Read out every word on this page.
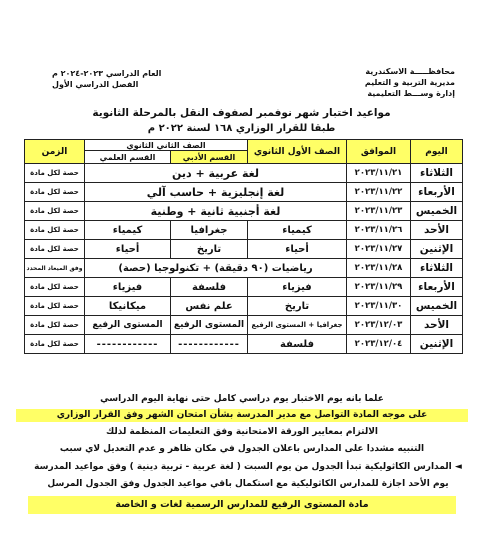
محافظـــــة الاسكندرية
مديرية التربية و التعليم
إدارة وســـط التعليمية
العام الدراسي ٢٠٢٣-٢٠٢٤ م
الفصل الدراسي الأول
مواعيد اختبار شهر نوفمبر لصفوف النقل بالمرحلة الثانوية
طبقا للقرار الوزاري ١٦٨ لسنة ٢٠٢٢ م
اليوم	الموافق	الصف الأول الثانوي	الصف الثاني الثانوي		الزمن
			القسم الأدبي	القسم العلمي	
الثلاثاء	٢٠٢٣/١١/٢١	لغة عربية + دين			حصة لكل مادة
الأربعاء	٢٠٢٣/١١/٢٢	لغة إنجليزية + حاسب آلي			حصة لكل مادة
الخميس	٢٠٢٣/١١/٢٣	لغة أجنبية ثانية + وطنية			حصة لكل مادة
الأحد	٢٠٢٣/١١/٢٦	كيمياء	جغرافيا	كيمياء	حصة لكل مادة
الإثنين	٢٠٢٣/١١/٢٧	أحياء	تاريخ	أحياء	حصة لكل مادة
الثلاثاء	٢٠٢٣/١١/٢٨	رياضيات (٩٠ دقيقة) + تكنولوجيا (حصة)			وفق الميعاد المحدد
الأربعاء	٢٠٢٣/١١/٢٩	فيزياء	فلسفة	فيزياء	حصة لكل مادة
الخميس	٢٠٢٣/١١/٣٠	تاريخ	علم نفس	ميكانيكا	حصة لكل مادة
الأحد	٢٠٢٣/١٢/٠٣	جغرافيا + المستوى الرفيع	المستوى الرفيع	المستوى الرفيع	حصة لكل مادة
الإثنين	٢٠٢٣/١٢/٠٤	فلسفة	------------	------------	حصة لكل مادة
علما بانه يوم الاختبار يوم دراسي كامل حتى نهاية اليوم الدراسي
على موجه المادة التواصل مع مدير المدرسة بشأن امتحان الشهر وفق القرار الوزاري
الالتزام بمعايير الورقة الامتحانية وفق التعليمات المنظمة لذلك
التنبيه مشددا على المدارس باعلان الجدول في مكان ظاهر و عدم التعديل لاي سبب
◄ المدارس الكاثوليكية تبدأ الجدول من يوم السبت ( لغة عربية - تربية دينية ) وفق مواعيد المدرسة
يوم الأحد اجازة للمدارس الكاثوليكية مع استكمال باقي مواعيد الجدول وفق الجدول المرسل
مادة المستوى الرفيع للمدارس الرسمية لغات و الخاصة
